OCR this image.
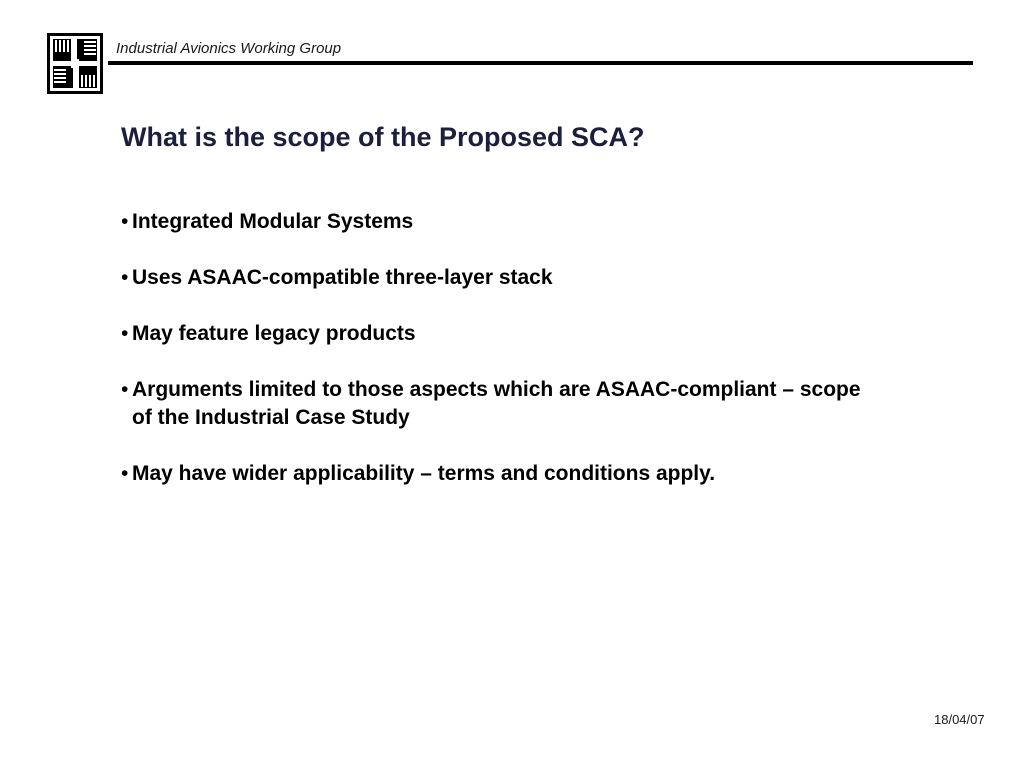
Industrial Avionics Working Group
What is the scope of the Proposed SCA?
• Integrated Modular Systems
• Uses ASAAC-compatible three-layer stack
• May feature legacy products
• Arguments limited to those aspects which are ASAAC-compliant – scope of the Industrial Case Study
• May have wider applicability – terms and conditions apply.
18/04/07
